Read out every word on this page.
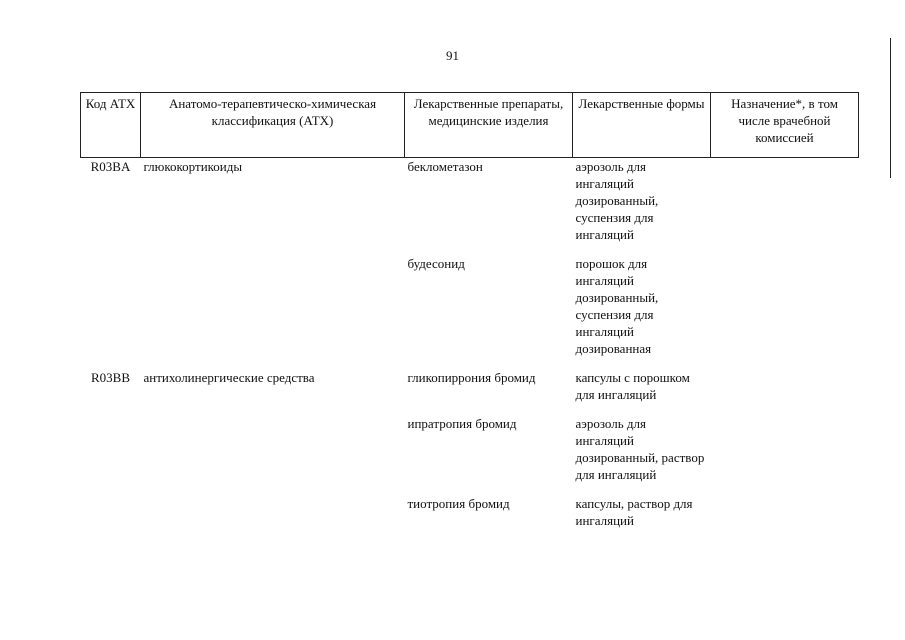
91
Код АТХ	Анатомо-терапевтическо-химическая классификация (АТХ)	Лекарственные препараты, медицинские изделия	Лекарственные формы	Назначение*, в том числе врачебной комиссией
R03BA	глюкокортикоиды	беклометазон	аэрозоль для ингаляций дозированный, суспензия для ингаляций	

		будесонид	порошок для ингаляций дозированный, суспензия для ингаляций дозированная	

R03BB	антихолинергические средства	гликопиррония бромид	капсулы с порошком для ингаляций	

		ипратропия бромид	аэрозоль для ингаляций дозированный, раствор для ингаляций	

		тиотропия бромид	капсулы, раствор для ингаляций	
